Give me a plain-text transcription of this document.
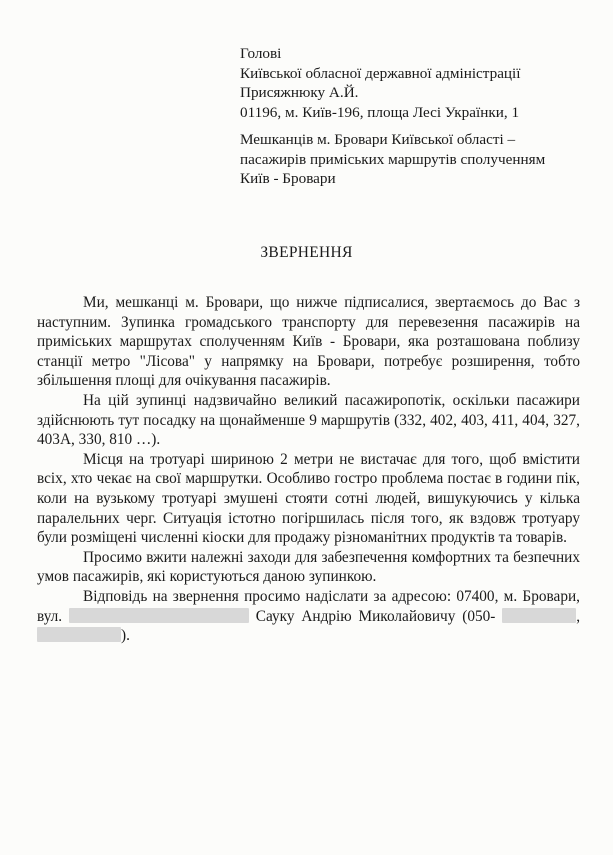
Голові
Київської обласної державної адміністрації
Присяжнюку А.Й.
01196, м. Київ-196, площа Лесі Українки, 1
Мешканців м. Бровари Київської області –
пасажирів приміських маршрутів сполученням
Київ - Бровари
ЗВЕРНЕННЯ

Ми, мешканці м. Бровари, що нижче підписалися, звертаємось до Вас з наступним. Зупинка громадського транспорту для перевезення пасажирів на приміських маршрутах сполученням Київ - Бровари, яка розташована поблизу станції метро "Лісова" у напрямку на Бровари, потребує розширення, тобто збільшення площі для очікування пасажирів.

На цій зупинці надзвичайно великий пасажиропотік, оскільки пасажири здійснюють тут посадку на щонайменше 9 маршрутів (332, 402, 403, 411, 404, 327, 403А, 330, 810 …).

Місця на тротуарі шириною 2 метри не вистачає для того, щоб вмістити всіх, хто чекає на свої маршрутки. Особливо гостро проблема постає в години пік, коли на вузькому тротуарі змушені стояти сотні людей, вишукуючись у кілька паралельних черг. Ситуація істотно погіршилась після того, як вздовж тротуару були розміщені численні кіоски для продажу різноманітних продуктів та товарів.

Просимо вжити належні заходи для забезпечення комфортних та безпечних умов пасажирів, які користуються даною зупинкою.

Відповідь на звернення просимо надіслати за адресою: 07400, м. Бровари, вул.	Сауку Андрію Миколайовичу (050-	,).
